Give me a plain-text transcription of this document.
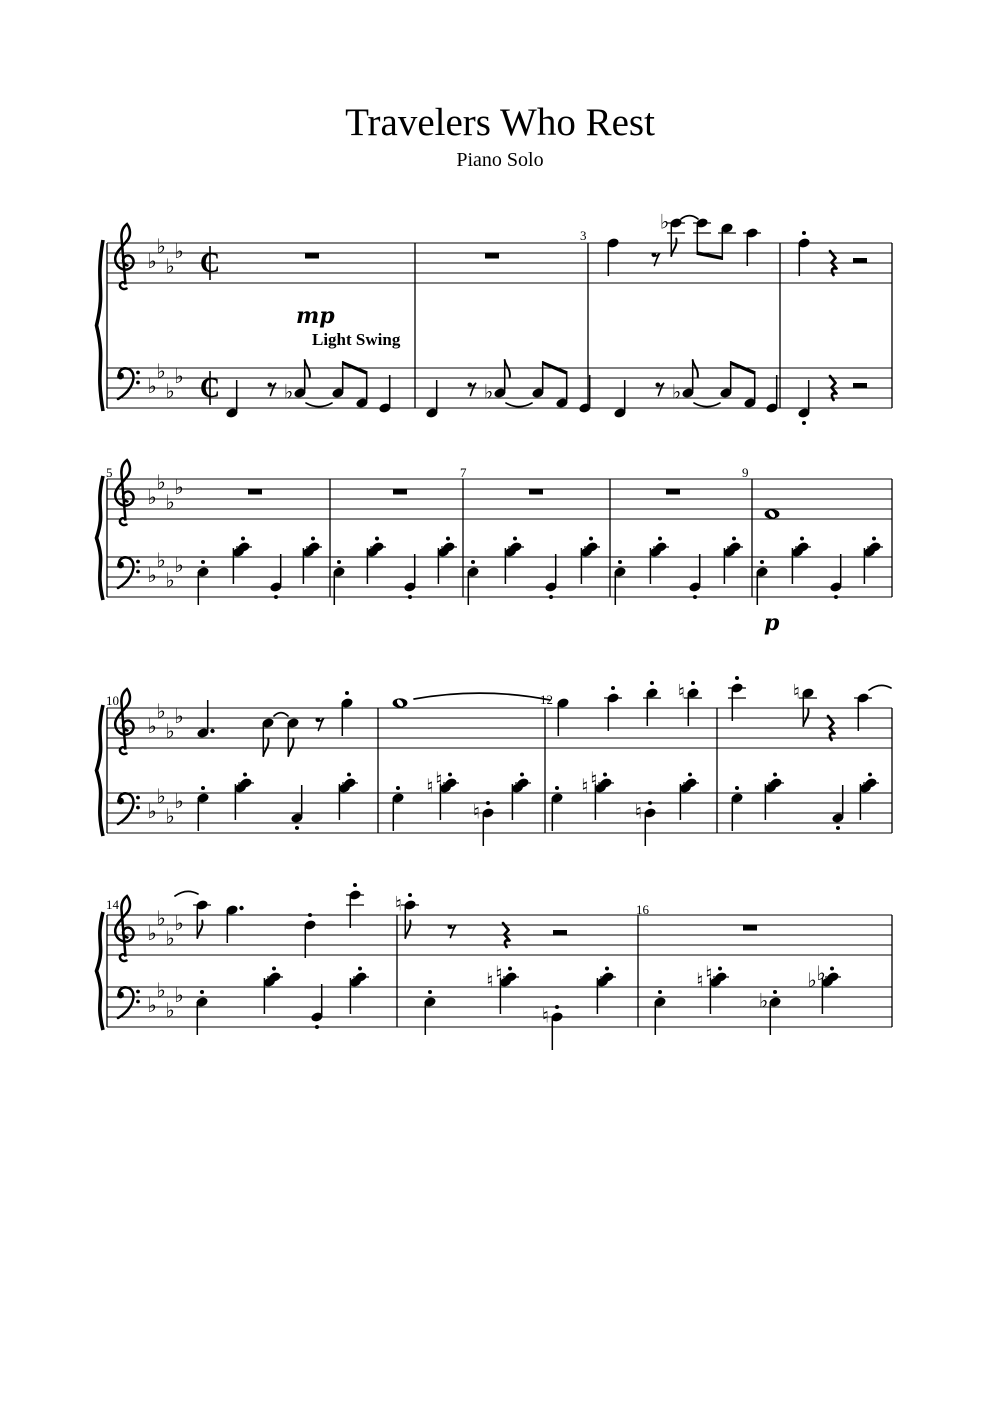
Travelers Who Rest
Piano Solo
♭
♭
♭
♭
♭
♭
♭
♭
C
C
♭
♭	♭	♭
3
♭
♭
♭
♭
♭
♭
♭
♭
5	7	9
♭
♭
♭
♭
♭
♭
♭
♭
♮	♮
♮ ♮
♮
♮ ♮
♮
10	12
♭
♭
♭
♭
♭
♭
♭
♭
♮
♮ ♮
♮
♮ ♮
♭
♭ ♭
14	16
mp
Light Swing
p
